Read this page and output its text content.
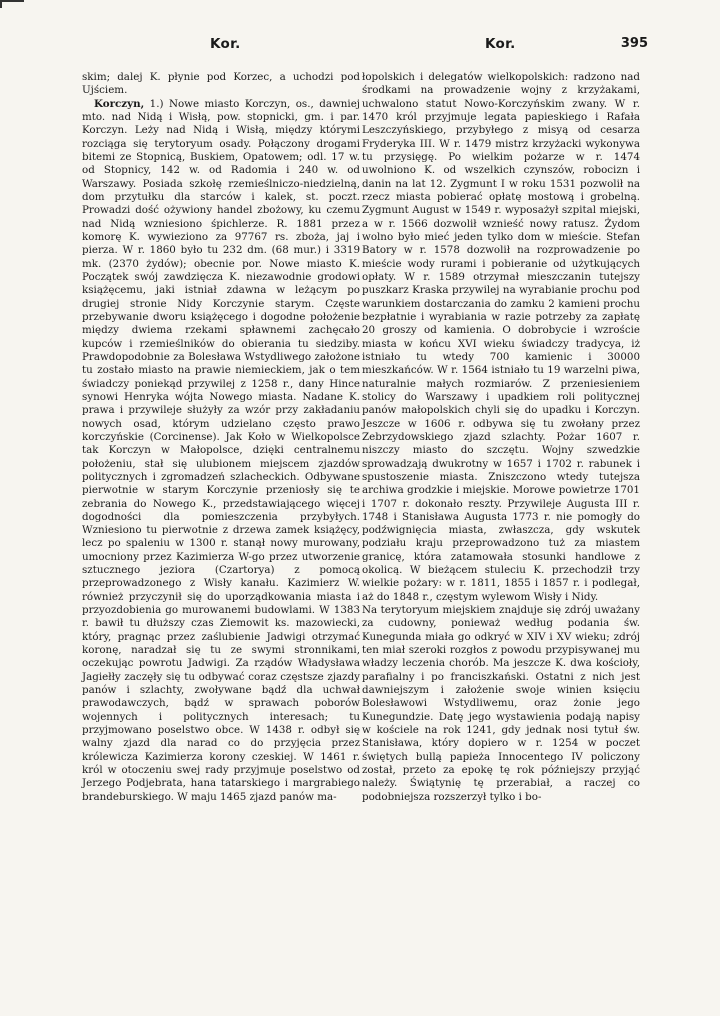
Kor.	Kor.	395

skim; dalej K. płynie pod Korzec, a uchodzi pod Ujściem.

Korczyn, 1.) Nowe miasto Korczyn, os., dawniej mto. nad Nidą i Wisłą, pow. stopnicki, gm. i par. Korczyn. Leży nad Nidą i Wisłą, między którymi rozciąga się terytoryum osady. Połączony drogami bitemi ze Stopnicą, Buskiem, Opatowem; odl. 17 w. od Stopnicy, 142 w. od Radomia i 240 w. od Warszawy. Posiada szkołę rzemieślniczo-niedzielną, dom przytułku dla starców i kalek, st. poczt. Prowadzi dość ożywiony handel zbożowy, ku czemu nad Nidą wzniesiono śpichlerze. R. 1881 przez komorę K. wywieziono za 97767 rs. zboża, jaj i pierza. W r. 1860 było tu 232 dm. (68 mur.) i 3319 mk. (2370 żydów); obecnie por. Nowe miasto K. Początek swój zawdzięcza K. niezawodnie grodowi książęcemu, jaki istniał zdawna w leżącym po drugiej stronie Nidy Korczynie starym. Częste przebywanie dworu książęcego i dogodne położenie między dwiema rzekami spławnemi zachęcało kupców i rzemieślników do obierania tu siedziby. Prawdopodobnie za Bolesława Wstydliwego założone tu zostało miasto na prawie niemieckiem, jak o tem świadczy poniekąd przywilej z 1258 r., dany Hince synowi Henryka wójta Nowego miasta. Nadane K. prawa i przywileje służyły za wzór przy zakładaniu nowych osad, którym udzielano często prawo korczyńskie (Corcinense). Jak Koło w Wielkopolsce tak Korczyn w Małopolsce, dzięki centralnemu położeniu, stał się ulubionem miejscem zjazdów politycznych i zgromadzeń szlacheckich. Odbywane pierwotnie w starym Korczynie przeniosły się te zebrania do Nowego K., przedstawiającego więcej dogodności dla pomieszczenia przybyłych. Wzniesiono tu pierwotnie z drzewa zamek książęcy, lecz po spaleniu w 1300 r. stanął nowy murowany, umocniony przez Kazimierza W-go przez utworzenie sztucznego jeziora (Czartorya) z pomocą przeprowadzonego z Wisły kanału. Kazimierz W. również przyczynił się do uporządkowania miasta i przyozdobienia go murowanemi budowlami. W 1383 r. bawił tu dłuższy czas Ziemowit ks. mazowiecki, który, pragnąc przez zaślubienie Jadwigi otrzymać koronę, naradzał się tu ze swymi stronnikami, oczekując powrotu Jadwigi. Za rządów Władysława Jagiełły zaczęły się tu odbywać coraz częstsze zjazdy panów i szlachty, zwoływane bądź dla uchwał prawodawczych, bądź w sprawach poborów wojennych i politycznych interesach; tu przyjmowano poselstwo obce. W 1438 r. odbył się walny zjazd dla narad co do przyjęcia przez królewicza Kazimierza korony czeskiej. W 1461 r. król w otoczeniu swej rady przyjmuje poselstwo od Jerzego Podjebrata, hana tatarskiego i margrabiego brandeburskiego. W maju 1465 zjazd panów ma-

łopolskich i delegatów wielkopolskich: radzono nad środkami na prowadzenie wojny z krzyżakami, uchwalono statut Nowo-Korczyńskim zwany. W r. 1470 król przyjmuje legata papieskiego i Rafała Leszczyńskiego, przybyłego z misyą od cesarza Fryderyka III. W r. 1479 mistrz krzyżacki wykonywa tu przysięgę. Po wielkim pożarze w r. 1474 uwolniono K. od wszelkich czynszów, robocizn i danin na lat 12. Zygmunt I w roku 1531 pozwolił na rzecz miasta pobierać opłatę mostową i grobelną. Zygmunt August w 1549 r. wyposażył szpital miejski, a w r. 1566 dozwolił wznieść nowy ratusz. Żydom wolno było mieć jeden tylko dom w mieście. Stefan Batory w r. 1578 dozwolił na rozprowadzenie po mieście wody rurami i pobieranie od użytkujących opłaty. W r. 1589 otrzymał mieszczanin tutejszy puszkarz Kraska przywilej na wyrabianie prochu pod warunkiem dostarczania do zamku 2 kamieni prochu bezpłatnie i wyrabiania w razie potrzeby za zapłatę 20 groszy od kamienia. O dobrobycie i wzroście miasta w końcu XVI wieku świadczy tradycya, iż istniało tu wtedy 700 kamienic i 30000 mieszkańców. W r. 1564 istniało tu 19 warzelni piwa, naturalnie małych rozmiarów. Z przeniesieniem stolicy do Warszawy i upadkiem roli politycznej panów małopolskich chyli się do upadku i Korczyn. Jeszcze w 1606 r. odbywa się tu zwołany przez Zebrzydowskiego zjazd szlachty. Pożar 1607 r. niszczy miasto do szczętu. Wojny szwedzkie sprowadzają dwukrotny w 1657 i 1702 r. rabunek i spustoszenie miasta. Zniszczono wtedy tutejsza archiwa grodzkie i miejskie. Morowe powietrze 1701 i 1707 r. dokonało reszty. Przywileje Augusta III r. 1748 i Stanisława Augusta 1773 r. nie pomogły do podźwignięcia miasta, zwłaszcza, gdy wskutek podziału kraju przeprowadzono tuż za miastem granicę, która zatamowała stosunki handlowe z okolicą. W bieżącem stuleciu K. przechodził trzy wielkie pożary: w r. 1811, 1855 i 1857 r. i podlegał, aż do 1848 r., częstym wylewom Wisły i Nidy.

Na terytoryum miejskiem znajduje się zdrój uważany za cudowny, ponieważ według podania św. Kunegunda miała go odkryć w XIV i XV wieku; zdrój ten miał szeroki rozgłos z powodu przypisywanej mu władzy leczenia chorób. Ma jeszcze K. dwa kościoły, parafialny i po franciszkański. Ostatni z nich jest dawniejszym i założenie swoje winien księciu Bolesławowi Wstydliwemu, oraz żonie jego Kunegundzie. Datę jego wystawienia podają napisy w kościele na rok 1241, gdy jednak nosi tytuł św. Stanisława, który dopiero w r. 1254 w poczet świętych bullą papieża Innocentego IV policzony został, przeto za epokę tę rok późniejszy przyjąć należy. Świątynię tę przerabiał, a raczej co podobniejsza rozszerzył tylko i bo-
